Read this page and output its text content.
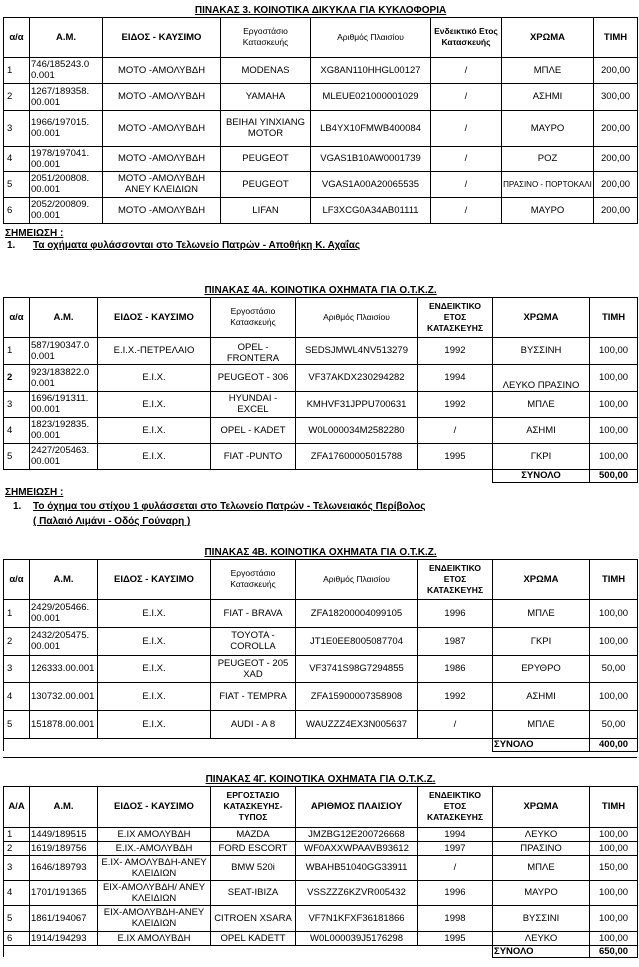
ΠΙΝΑΚΑΣ 3. ΚΟΙΝΟΤΙΚΑ ΔΙΚΥΚΛΑ ΓΙΑ ΚΥΚΛΟΦΟΡΙΑ							
α/α	Α.Μ.	ΕΙΔΟΣ - ΚΑΥΣΙΜΟ	Εργοστάσιο Κατασκευής	Αριθμός Πλαισίου	Ενδεικτικό Ετος Κατασκευής	ΧΡΩΜΑ	ΤΙΜΗ
1	746/185243.0 0.001	ΜΟΤΟ -ΑΜΟΛΥΒΔΗ	MODENAS	XG8AN110HHGL00127	/	ΜΠΛΕ	200,00
2	1267/189358. 00.001	ΜΟΤΟ -ΑΜΟΛΥΒΔΗ	YAMAHA	MLEUE021000001029	/	ΑΣΗΜΙ	300,00
3	1966/197015. 00.001	ΜΟΤΟ -ΑΜΟΛΥΒΔΗ	BEIHAI YINXIANG MOTOR	LB4YX10FMWB400084	/	ΜΑΥΡΟ	200,00
4	1978/197041. 00.001	ΜΟΤΟ -ΑΜΟΛΥΒΔΗ	PEUGEOT	VGAS1B10AW0001739	/	ΡΟΖ	200,00
5	2051/200808. 00.001	ΜΟΤΟ -ΑΜΟΛΥΒΔΗ ΑΝΕΥ ΚΛΕΙΔΙΩΝ	PEUGEOT	VGAS1A00A20065535	/	ΠΡΑΣΙΝΟ - ΠΟΡΤΟΚΑΛΙ	200,00
6	2052/200809. 00.001	ΜΟΤΟ -ΑΜΟΛΥΒΔΗ	LIFAN	LF3XCG0A34AB01111	/	ΜΑΥΡΟ	200,00
ΣΗΜΕΙΩΣΗ :
1. Τα οχήματα φυλάσσονται στο Τελωνείο Πατρών - Αποθήκη Κ. Αχαΐας
ΠΙΝΑΚΑΣ 4Α. ΚΟΙΝΟΤΙΚΑ ΟΧΗΜΑΤΑ ΓΙΑ Ο.Τ.Κ.Ζ.							
α/α	Α.Μ.	ΕΙΔΟΣ - ΚΑΥΣΙΜΟ	Εργοστάσιο Κατασκευής	Αριθμός Πλαισίου	ΕΝΔΕΙΚΤΙΚΟ ΕΤΟΣ ΚΑΤΑΣΚΕΥΗΣ	ΧΡΩΜΑ	ΤΙΜΗ
1	587/190347.0 0.001	Ε.Ι.Χ.-ΠΕΤΡΕΛΑΙΟ	OPEL - FRONTERA	SEDSJMWL4NV513279	1992	ΒΥΣΣΙΝΗ	100,00
2	923/183822.0 0.001	Ε.Ι.Χ.	PEUGEOT - 306	VF37AKDX230294282	1994	ΛΕΥΚΟ ΠΡΑΣΙΝΟ	100,00
3	1696/191311. 00.001	Ε.Ι.Χ.	HYUNDAI - EXCEL	KMHVF31JPPU700631	1992	ΜΠΛΕ	100,00
4	1823/192835. 00.001	Ε.Ι.Χ.	OPEL - KADET	W0L000034M2582280	/	ΑΣΗΜΙ	100,00
5	2427/205463. 00.001	Ε.Ι.Χ.	FIAT -PUNTO	ZFA17600005015788	1995	ΓΚΡΙ	100,00
						ΣΥΝΟΛΟ	500,00
ΣΗΜΕΙΩΣΗ :
1. Το όχημα του στίχου 1 φυλάσσεται στο Τελωνείο Πατρών - Τελωνειακός Περίβολος
( Παλαιό Λιμάνι - Οδός Γούναρη )
ΠΙΝΑΚΑΣ 4Β. ΚΟΙΝΟΤΙΚΑ ΟΧΗΜΑΤΑ ΓΙΑ Ο.Τ.Κ.Ζ.							
α/α	Α.Μ.	ΕΙΔΟΣ - ΚΑΥΣΙΜΟ	Εργοστάσιο Κατασκευής	Αριθμός Πλαισίου	ΕΝΔΕΙΚΤΙΚΟ ΕΤΟΣ ΚΑΤΑΣΚΕΥΗΣ	ΧΡΩΜΑ	ΤΙΜΗ
1	2429/205466. 00.001	Ε.Ι.Χ.	FIAT - BRAVA	ZFA18200004099105	1996	ΜΠΛΕ	100,00
2	2432/205475. 00.001	Ε.Ι.Χ.	TOYOTA - COROLLA	JT1E0EE8005087704	1987	ΓΚΡΙ	100,00
3	126333.00.001	Ε.Ι.Χ.	PEUGEOT - 205 XAD	VF3741S98G7294855	1986	ΕΡΥΘΡΟ	50,00
4	130732.00.001	Ε.Ι.Χ.	FIAT - TEMPRA	ZFA15900007358908	1992	ΑΣΗΜΙ	100,00
5	151878.00.001	Ε.Ι.Χ.	AUDI - A 8	WAUZZZ4EX3N005637	/	ΜΠΛΕ	50,00
						ΣΥΝΟΛΟ	400,00
ΠΙΝΑΚΑΣ 4Γ. ΚΟΙΝΟΤΙΚΑ ΟΧΗΜΑΤΑ ΓΙΑ Ο.Τ.Κ.Ζ.							
Α/Α	Α.Μ.	ΕΙΔΟΣ - ΚΑΥΣΙΜΟ	ΕΡΓΟΣΤΑΣΙΟ ΚΑΤΑΣΚΕΥΗΣ- ΤΥΠΟΣ	ΑΡΙΘΜΟΣ ΠΛΑΙΣΙΟΥ	ΕΝΔΕΙΚΤΙΚΟ ΕΤΟΣ ΚΑΤΑΣΚΕΥΗΣ	ΧΡΩΜΑ	ΤΙΜΗ
1	1449/189515	Ε.ΙΧ ΑΜΟΛΥΒΔΗ	MAZDA	JMZBG12E200726668	1994	ΛΕΥΚΟ	100,00
2	1619/189756	Ε.ΙΧ.-ΑΜΟΛΥΒΔΗ	FORD ESCORT	WF0AXXWPAAVB93612	1997	ΠΡΑΣΙΝΟ	100,00
3	1646/189793	Ε.ΙΧ- ΑΜΟΛΥΒΔΗ-ΑΝΕΥ ΚΛΕΙΔΙΩΝ	BMW 520i	WBAHB51040GG33911	/	ΜΠΛΕ	150,00
4	1701/191365	ΕΙΧ-ΑΜΟΛΥΒΔΗ/ ΑΝΕΥ ΚΛΕΙΔΙΩΝ	SEAT-IBIZA	VSSZZZ6KZVR005432	1996	ΜΑΥΡΟ	100,00
5	1861/194067	ΕΙΧ-ΑΜΟΛΥΒΔΗ-ΑΝΕΥ ΚΛΕΙΔΙΩΝ	CITROEN XSARA	VF7N1KFXF36181866	1998	ΒΥΣΣΙΝΙ	100,00
6	1914/194293	Ε.ΙΧ ΑΜΟΛΥΒΔΗ	OPEL KADETT	W0L000039J5176298	1995	ΛΕΥΚΟ	100,00
						ΣΥΝΟΛΟ	650,00
